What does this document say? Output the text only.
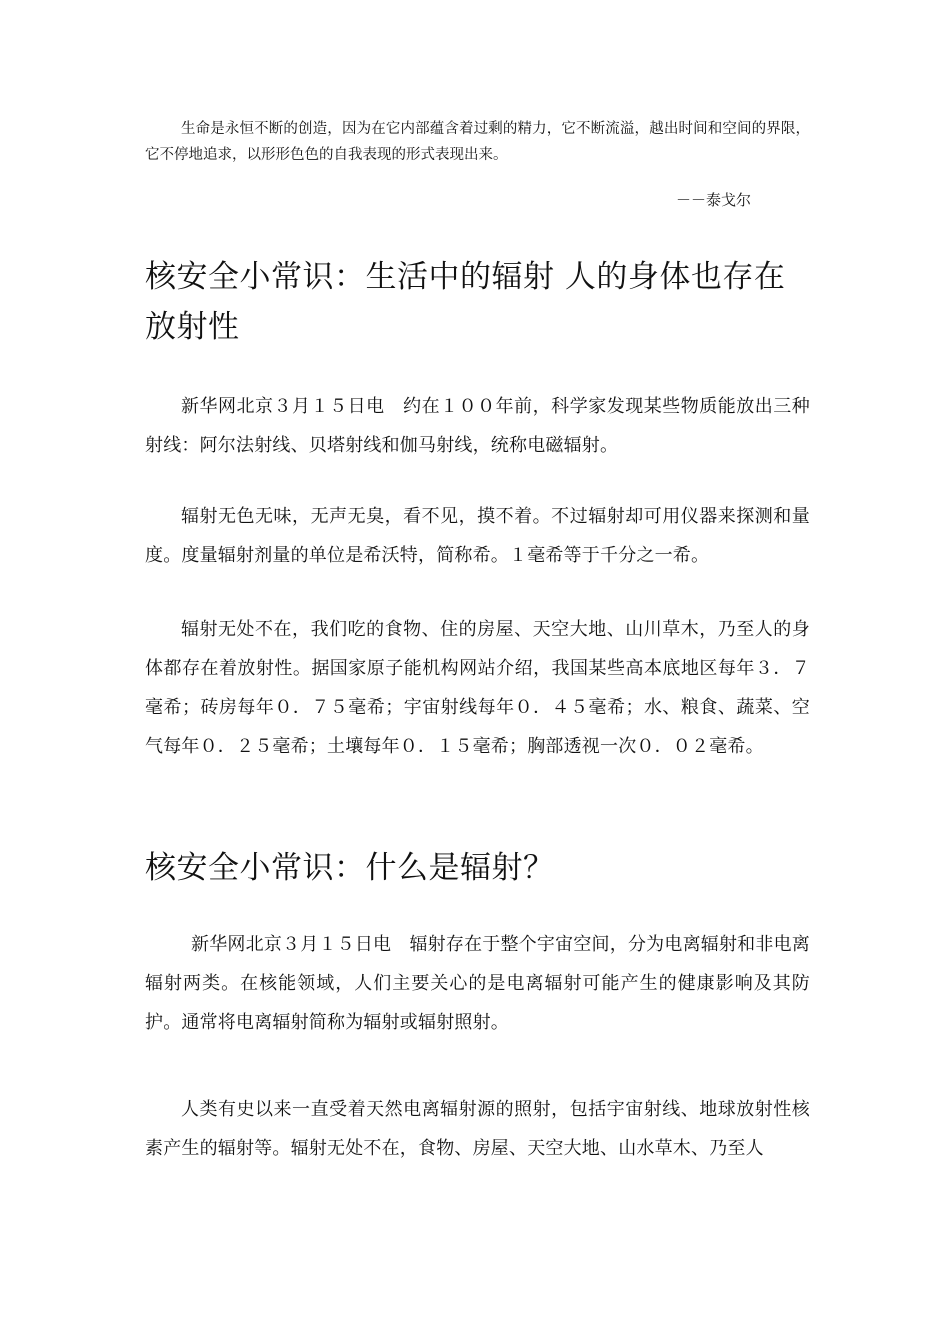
生命是永恒不断的创造，因为在它内部蕴含着过剩的精力，它不断流溢，越出时间和空间的界限，它不停地追求，以形形色色的自我表现的形式表现出来。

－－泰戈尔

核安全小常识：生活中的辐射 人的身体也存在放射性

新华网北京３月１５日电　约在１００年前，科学家发现某些物质能放出三种射线：阿尔法射线、贝塔射线和伽马射线，统称电磁辐射。

辐射无色无味，无声无臭，看不见，摸不着。不过辐射却可用仪器来探测和量度。度量辐射剂量的单位是希沃特，简称希。１毫希等于千分之一希。

辐射无处不在，我们吃的食物、住的房屋、天空大地、山川草木，乃至人的身体都存在着放射性。据国家原子能机构网站介绍，我国某些高本底地区每年３．７毫希；砖房每年０．７５毫希；宇宙射线每年０．４５毫希；水、粮食、蔬菜、空气每年０．２５毫希；土壤每年０．１５毫希；胸部透视一次０．０２毫希。

核安全小常识：什么是辐射？

新华网北京３月１５日电　辐射存在于整个宇宙空间，分为电离辐射和非电离辐射两类。在核能领域，人们主要关心的是电离辐射可能产生的健康影响及其防护。通常将电离辐射简称为辐射或辐射照射。

人类有史以来一直受着天然电离辐射源的照射，包括宇宙射线、地球放射性核素产生的辐射等。辐射无处不在，食物、房屋、天空大地、山水草木、乃至人
